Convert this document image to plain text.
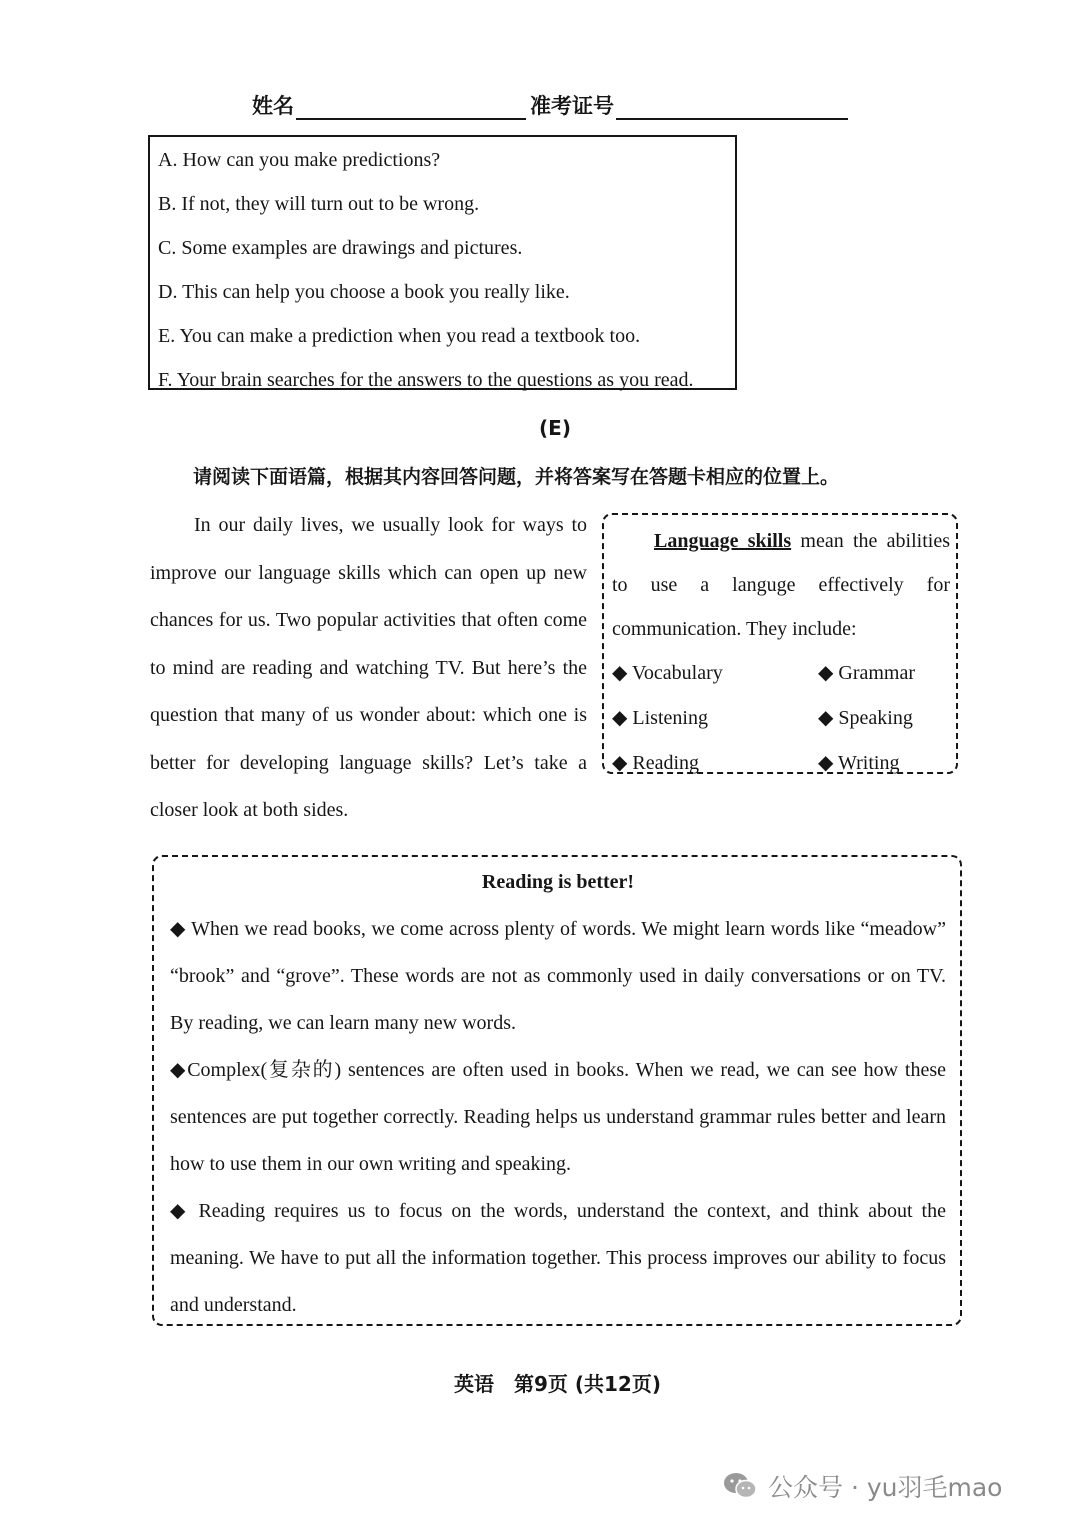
姓名	准考证号
A. How can you make predictions?
B. If not, they will turn out to be wrong.
C. Some examples are drawings and pictures.
D. This can help you choose a book you really like.
E. You can make a prediction when you read a textbook too.
F. Your brain searches for the answers to the questions as you read.
(E)
请阅读下面语篇，根据其内容回答问题，并将答案写在答题卡相应的位置上。
In our daily lives, we usually look for ways to improve our language skills which can open up new chances for us. Two popular activities that often come to mind are reading and watching TV. But here’s the question that many of us wonder about: which one is better for developing language skills? Let’s take a closer look at both sides.
Language skills mean the abilities to use a languge effectively for communication. They include:
◆ Vocabulary	◆ Grammar
◆ Listening	◆ Speaking
◆ Reading	◆ Writing
Reading is better!
◆ When we read books, we come across plenty of words. We might learn words like “meadow” “brook” and “grove”. These words are not as commonly used in daily conversations or on TV. By reading, we can learn many new words.
◆Complex(复杂的) sentences are often used in books. When we read, we can see how these sentences are put together correctly. Reading helps us understand grammar rules better and learn how to use them in our own writing and speaking.
◆ Reading requires us to focus on the words, understand the context, and think about the meaning. We have to put all the information together. This process improves our ability to focus and understand.
英语　第9页 (共12页)
公众号 · yu羽毛mao
